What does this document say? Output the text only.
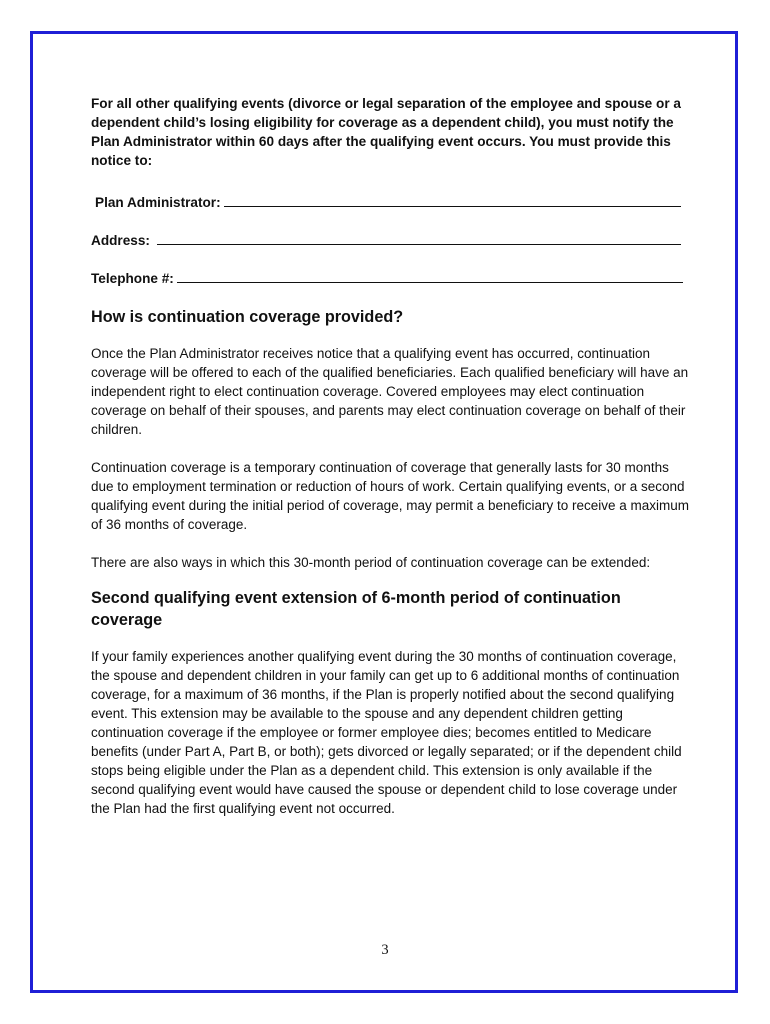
For all other qualifying events (divorce or legal separation of the employee and spouse or a dependent child’s losing eligibility for coverage as a dependent child), you must notify the Plan Administrator within 60 days after the qualifying event occurs. You must provide this notice to:

Plan Administrator:
Address:
Telephone #:
How is continuation coverage provided?

Once the Plan Administrator receives notice that a qualifying event has occurred, continuation coverage will be offered to each of the qualified beneficiaries. Each qualified beneficiary will have an independent right to elect continuation coverage. Covered employees may elect continuation coverage on behalf of their spouses, and parents may elect continuation coverage on behalf of their children.

Continuation coverage is a temporary continuation of coverage that generally lasts for 30 months due to employment termination or reduction of hours of work. Certain qualifying events, or a second qualifying event during the initial period of coverage, may permit a beneficiary to receive a maximum of 36 months of coverage.

There are also ways in which this 30-month period of continuation coverage can be extended:

Second qualifying event extension of 6-month period of continuation coverage

If your family experiences another qualifying event during the 30 months of continuation coverage, the spouse and dependent children in your family can get up to 6 additional months of continuation coverage, for a maximum of 36 months, if the Plan is properly notified about the second qualifying event. This extension may be available to the spouse and any dependent children getting continuation coverage if the employee or former employee dies; becomes entitled to Medicare benefits (under Part A, Part B, or both); gets divorced or legally separated; or if the dependent child stops being eligible under the Plan as a dependent child. This extension is only available if the second qualifying event would have caused the spouse or dependent child to lose coverage under the Plan had the first qualifying event not occurred.

3
